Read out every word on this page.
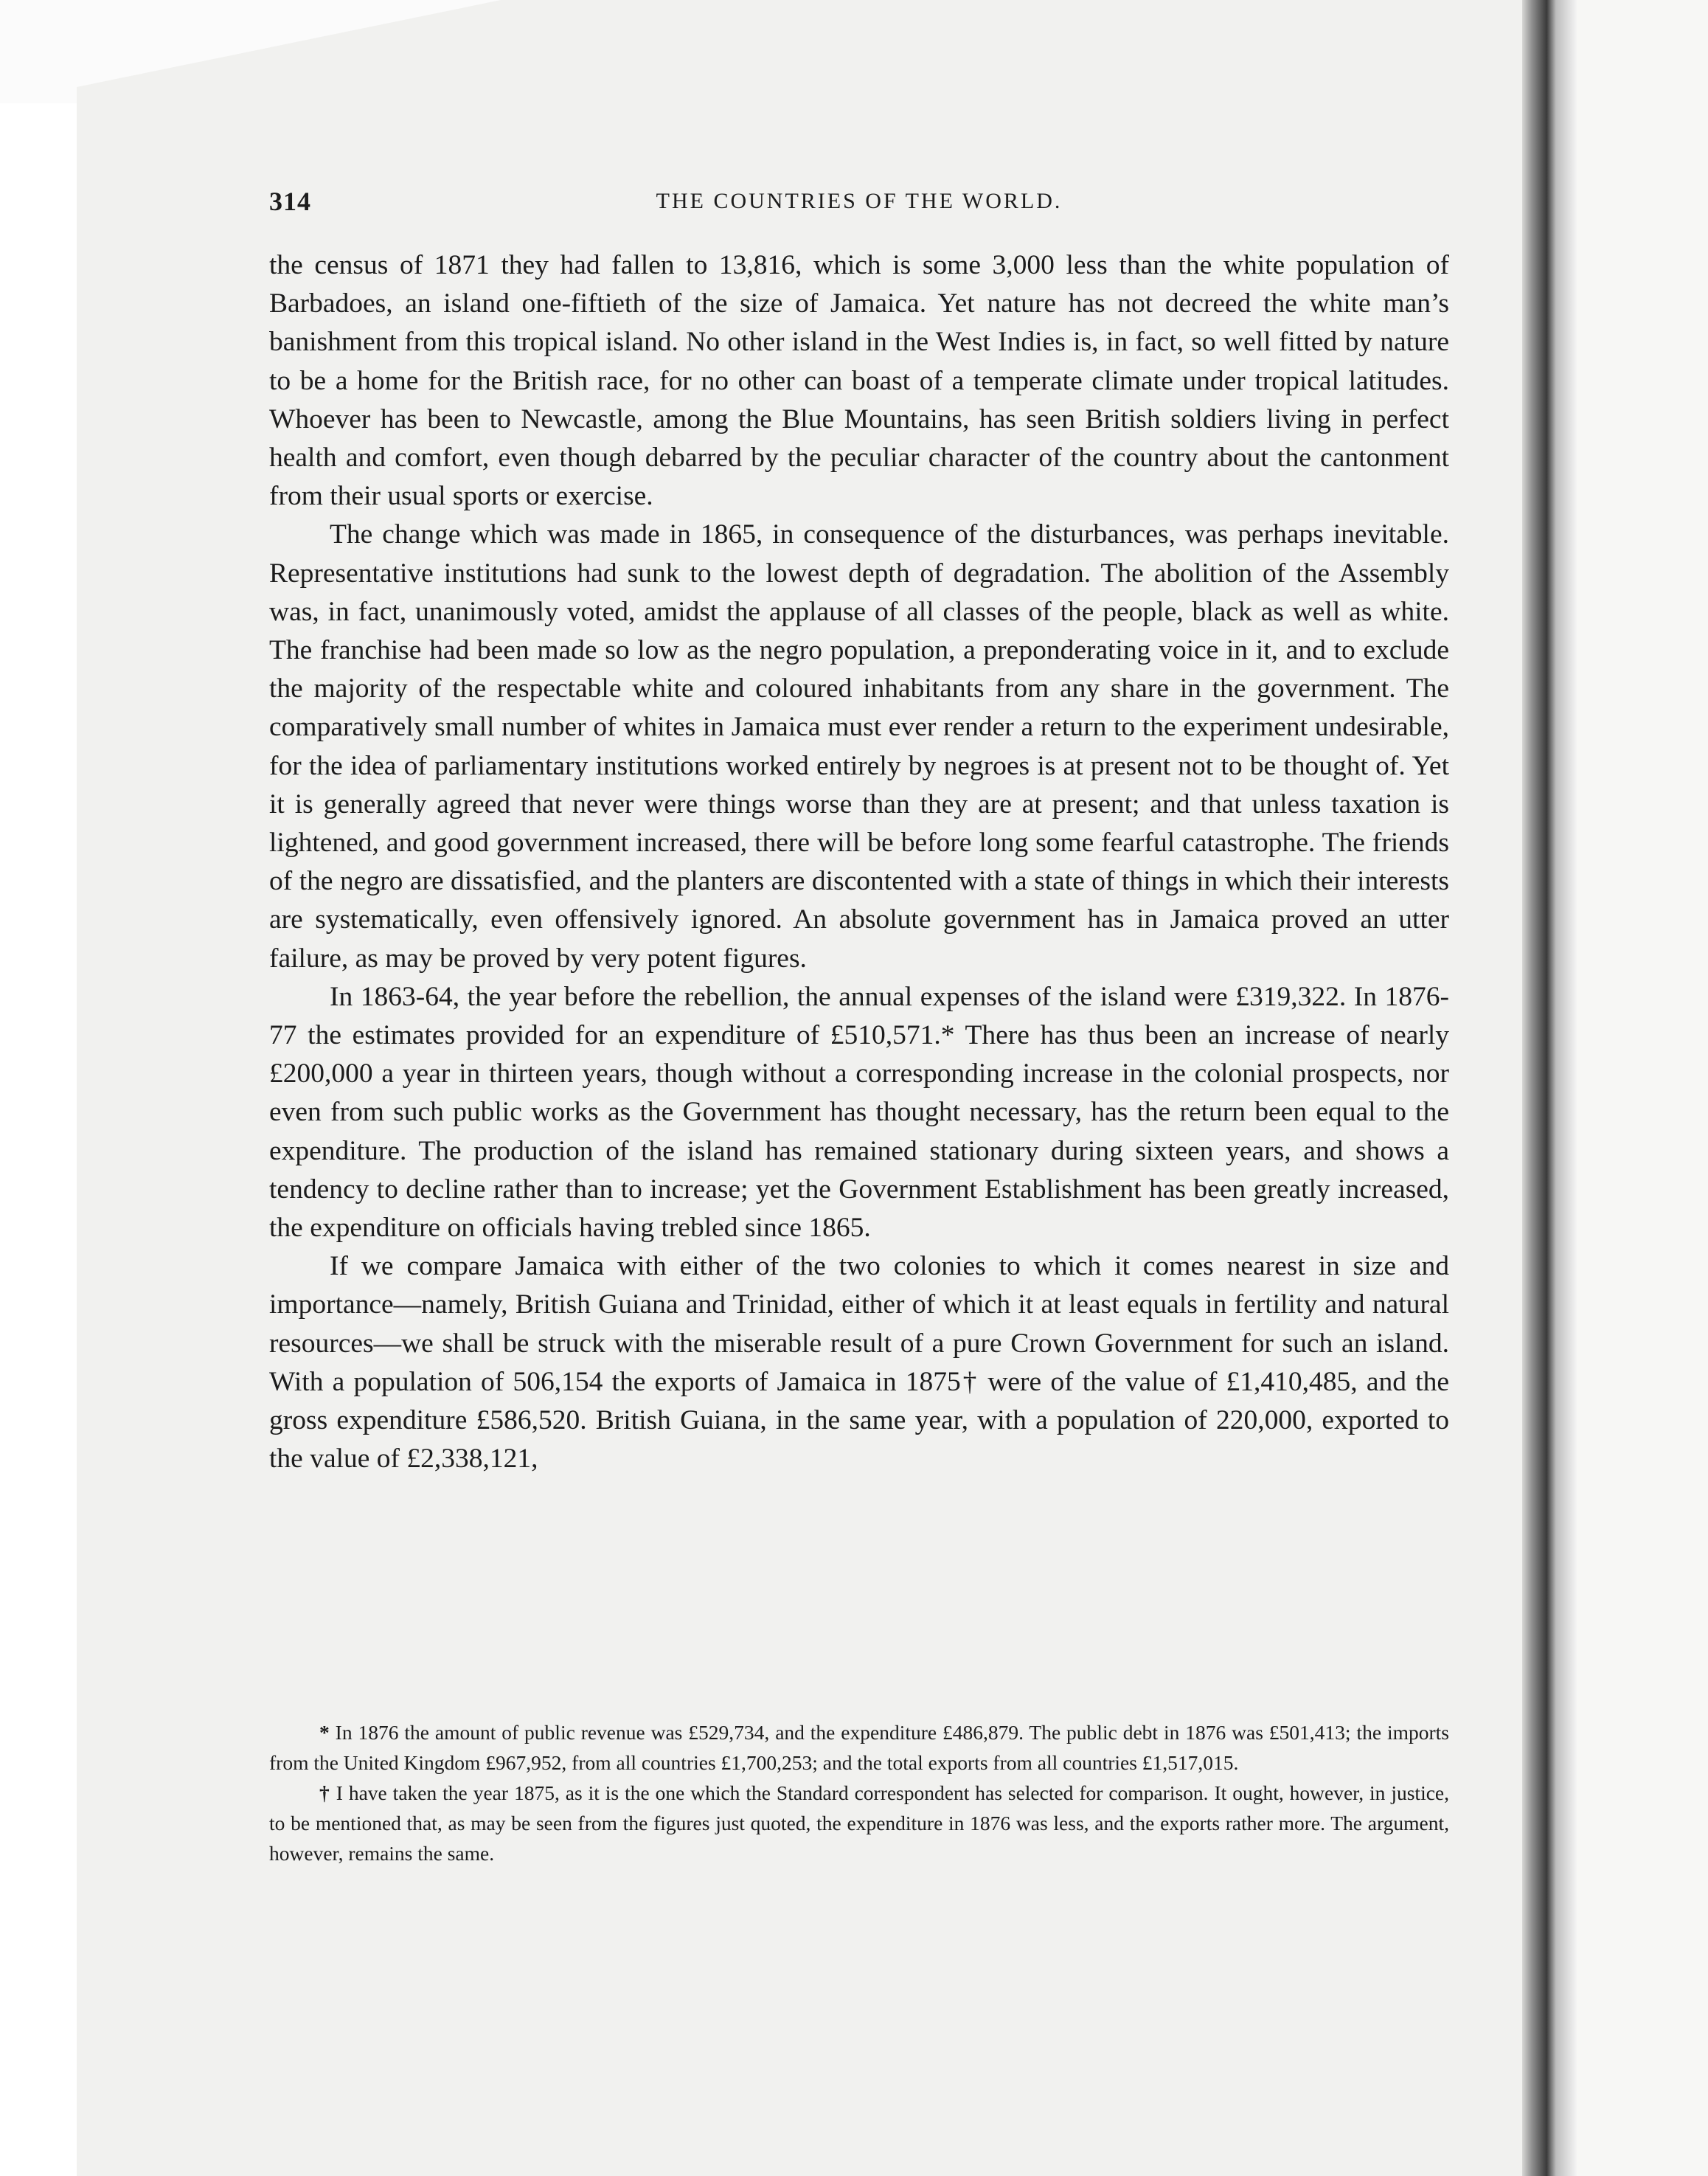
314	THE COUNTRIES OF THE WORLD.

the census of 1871 they had fallen to 13,816, which is some 3,000 less than the white population of Barbadoes, an island one-fiftieth of the size of Jamaica. Yet nature has not decreed the white man’s banishment from this tropical island. No other island in the West Indies is, in fact, so well fitted by nature to be a home for the British race, for no other can boast of a temperate climate under tropical latitudes. Whoever has been to Newcastle, among the Blue Mountains, has seen British soldiers living in perfect health and comfort, even though debarred by the peculiar character of the country about the cantonment from their usual sports or exercise.

The change which was made in 1865, in consequence of the disturbances, was perhaps inevitable. Representative institutions had sunk to the lowest depth of degradation. The abolition of the Assembly was, in fact, unanimously voted, amidst the applause of all classes of the people, black as well as white. The franchise had been made so low as the negro population, a preponderating voice in it, and to exclude the majority of the respectable white and coloured inhabitants from any share in the government. The comparatively small number of whites in Jamaica must ever render a return to the experiment undesirable, for the idea of parliamentary institutions worked entirely by negroes is at present not to be thought of. Yet it is generally agreed that never were things worse than they are at present; and that unless taxation is lightened, and good government increased, there will be before long some fearful catastrophe. The friends of the negro are dissatisfied, and the planters are discontented with a state of things in which their interests are systematically, even offensively ignored. An absolute government has in Jamaica proved an utter failure, as may be proved by very potent figures.

In 1863-64, the year before the rebellion, the annual expenses of the island were £319,322. In 1876-77 the estimates provided for an expenditure of £510,571.* There has thus been an increase of nearly £200,000 a year in thirteen years, though without a corresponding increase in the colonial prospects, nor even from such public works as the Government has thought necessary, has the return been equal to the expenditure. The production of the island has remained stationary during sixteen years, and shows a tendency to decline rather than to increase; yet the Government Establishment has been greatly increased, the expenditure on officials having trebled since 1865.

If we compare Jamaica with either of the two colonies to which it comes nearest in size and importance—namely, British Guiana and Trinidad, either of which it at least equals in fertility and natural resources—we shall be struck with the miserable result of a pure Crown Government for such an island. With a population of 506,154 the exports of Jamaica in 1875† were of the value of £1,410,485, and the gross expenditure £586,520. British Guiana, in the same year, with a population of 220,000, exported to the value of £2,338,121,

* In 1876 the amount of public revenue was £529,734, and the expenditure £486,879. The public debt in 1876 was £501,413; the imports from the United Kingdom £967,952, from all countries £1,700,253; and the total exports from all countries £1,517,015.

† I have taken the year 1875, as it is the one which the Standard correspondent has selected for comparison. It ought, however, in justice, to be mentioned that, as may be seen from the figures just quoted, the expenditure in 1876 was less, and the exports rather more. The argument, however, remains the same.
